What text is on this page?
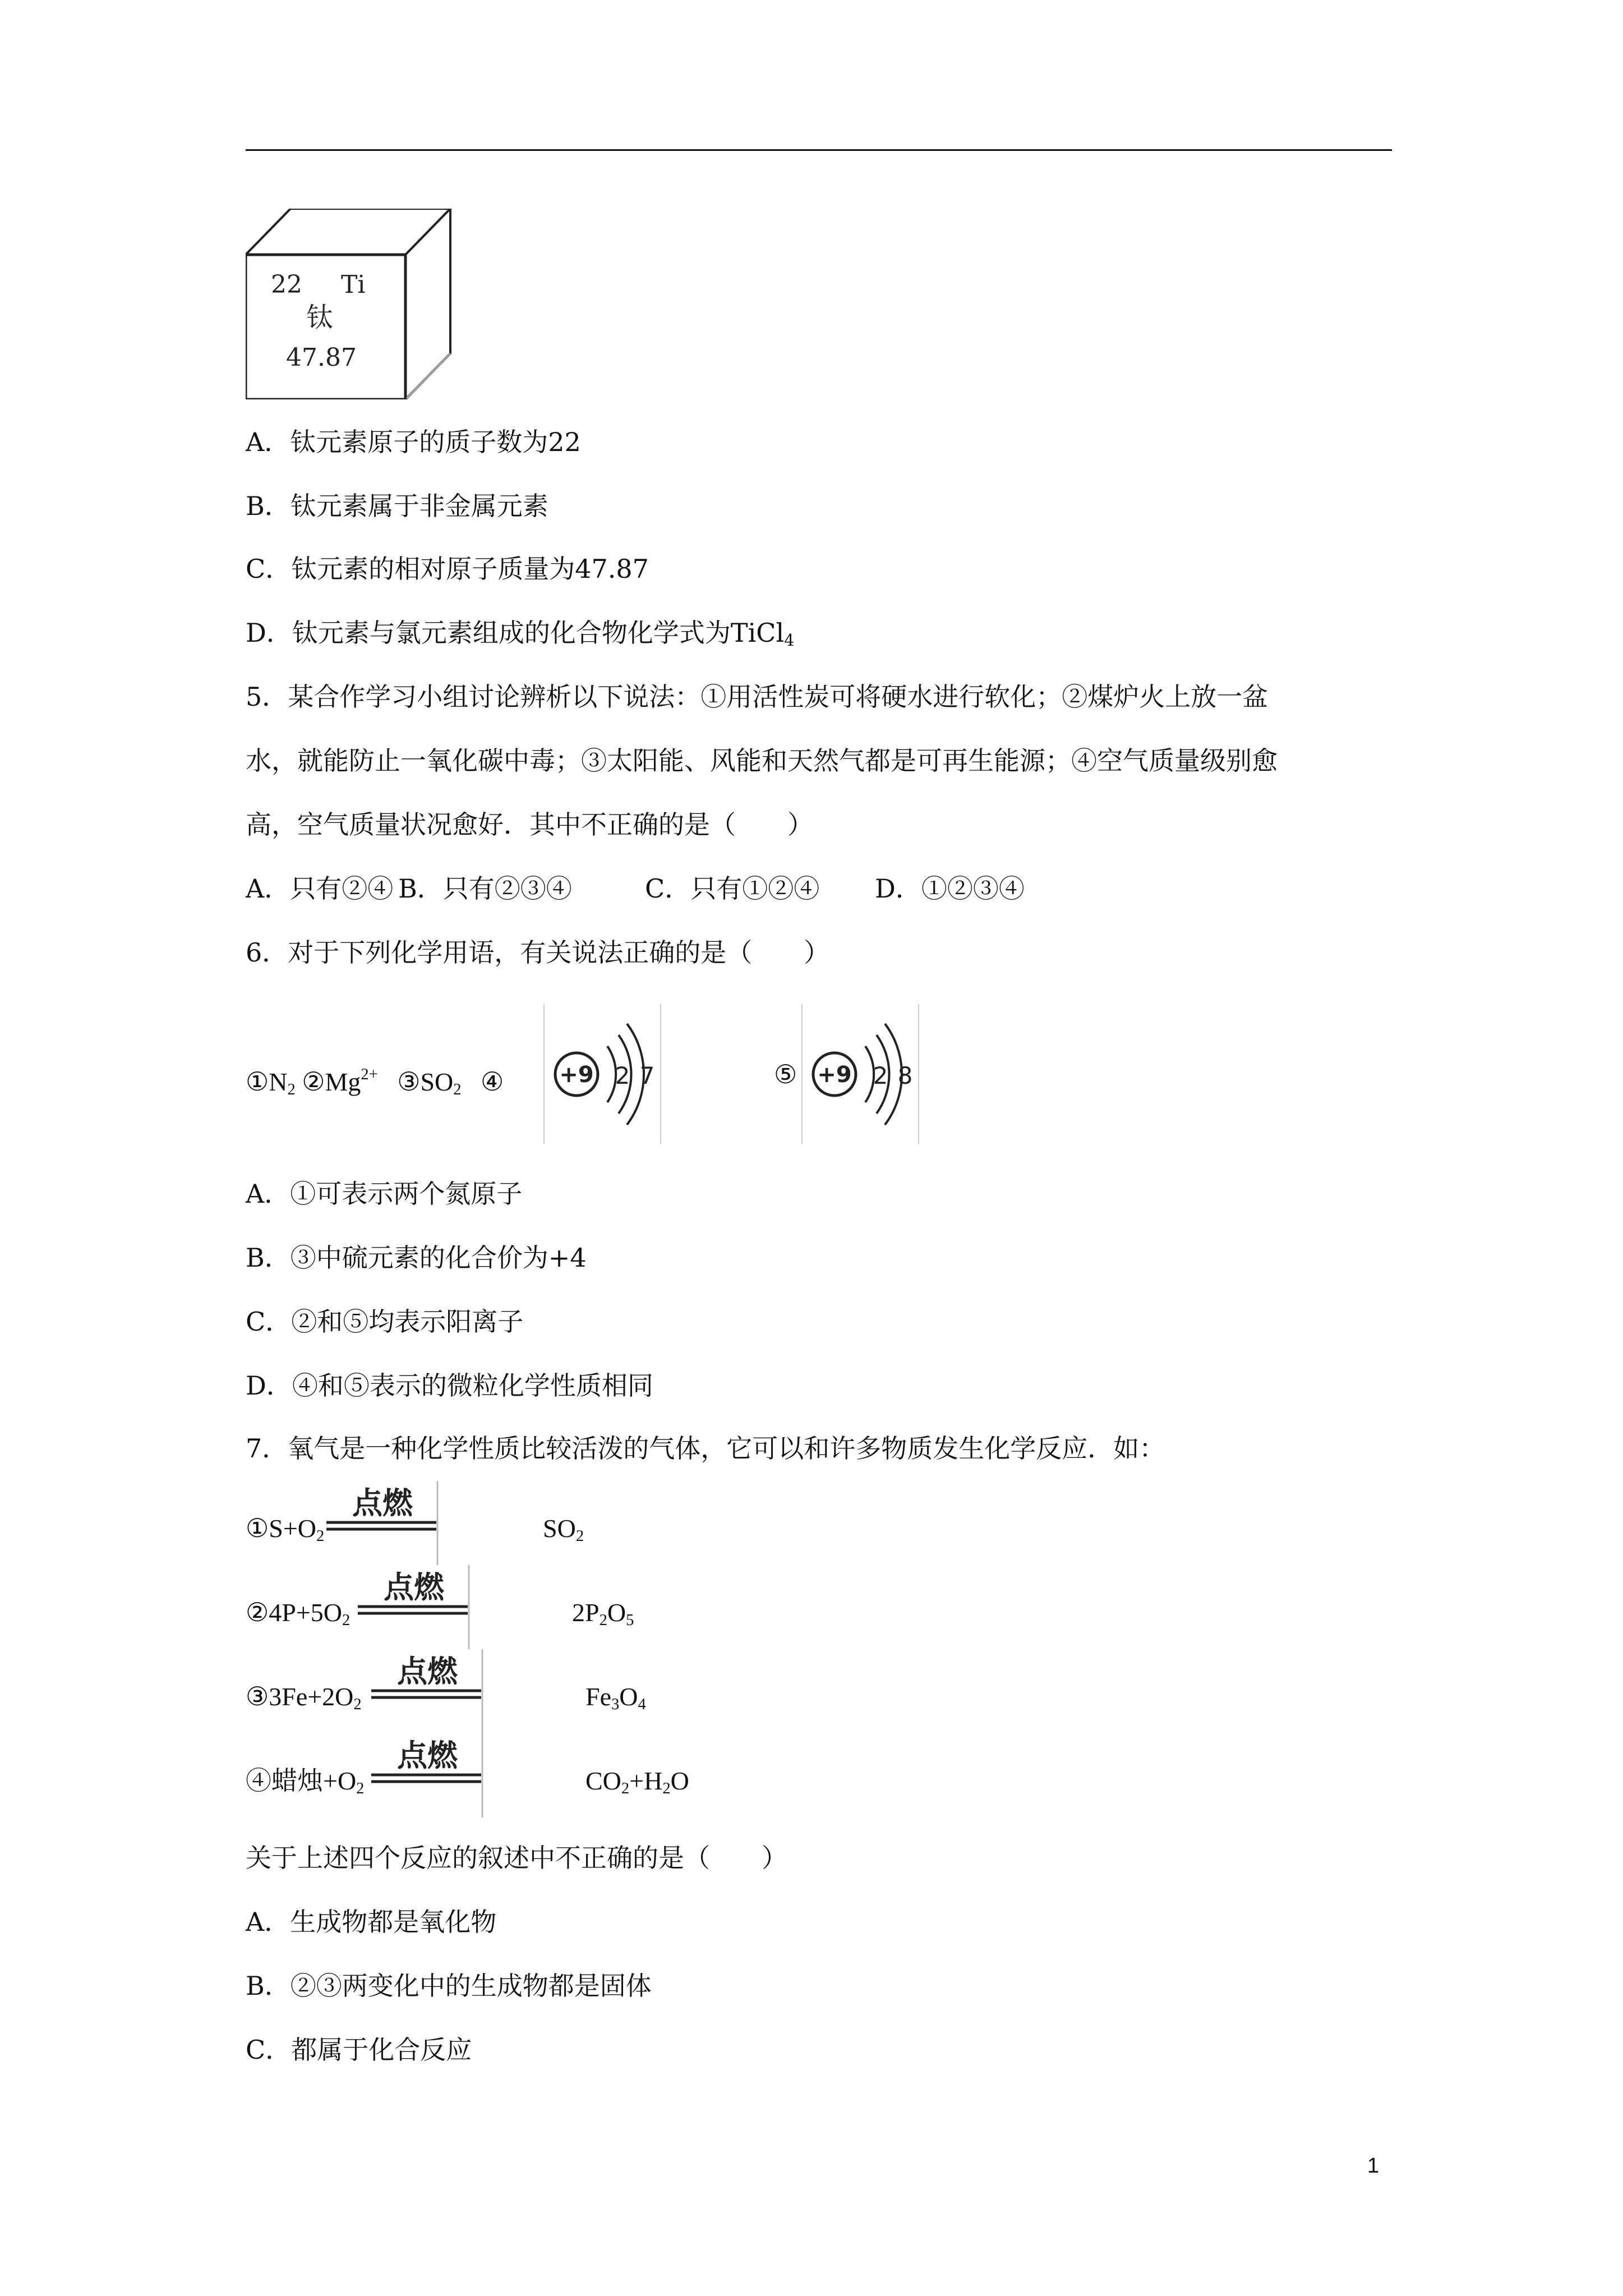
22 Ti
钛
47.87
A．钛元素原子的质子数为22
B．钛元素属于非金属元素
C．钛元素的相对原子质量为47.87
D．钛元素与氯元素组成的化合物化学式为TiCl$_4$
5．某合作学习小组讨论辨析以下说法：①用活性炭可将硬水进行软化；②煤炉火上放一盆
水，就能防止一氧化碳中毒；③太阳能、风能和天然气都是可再生能源；④空气质量级别愈
高，空气质量状况愈好．其中不正确的是（　　）
A．只有②④ B．只有②③④	C．只有①②④ D．①②③④
6．对于下列化学用语，有关说法正确的是（　　）
$①N_2$ $②Mg^{2+}$ $③SO_2$ ④ +9 2 7	⑤ +9 2 8
A．①可表示两个氮原子
B．③中硫元素的化合价为+4
C．②和⑤均表示阳离子
D．④和⑤表示的微粒化学性质相同
7．氧气是一种化学性质比较活泼的气体，它可以和许多物质发生化学反应．如：
$①S+O_2$
点燃
$SO_2$
$②4P+5O_2$
点燃
$2P_2O_5$
$③3Fe+2O_2$
点燃
$Fe_3O_4$
④蜡烛$+O_2$
点燃
$CO_2+H_2O$
关于上述四个反应的叙述中不正确的是（　　）
A．生成物都是氧化物
B．②③两变化中的生成物都是固体
C．都属于化合反应
1
